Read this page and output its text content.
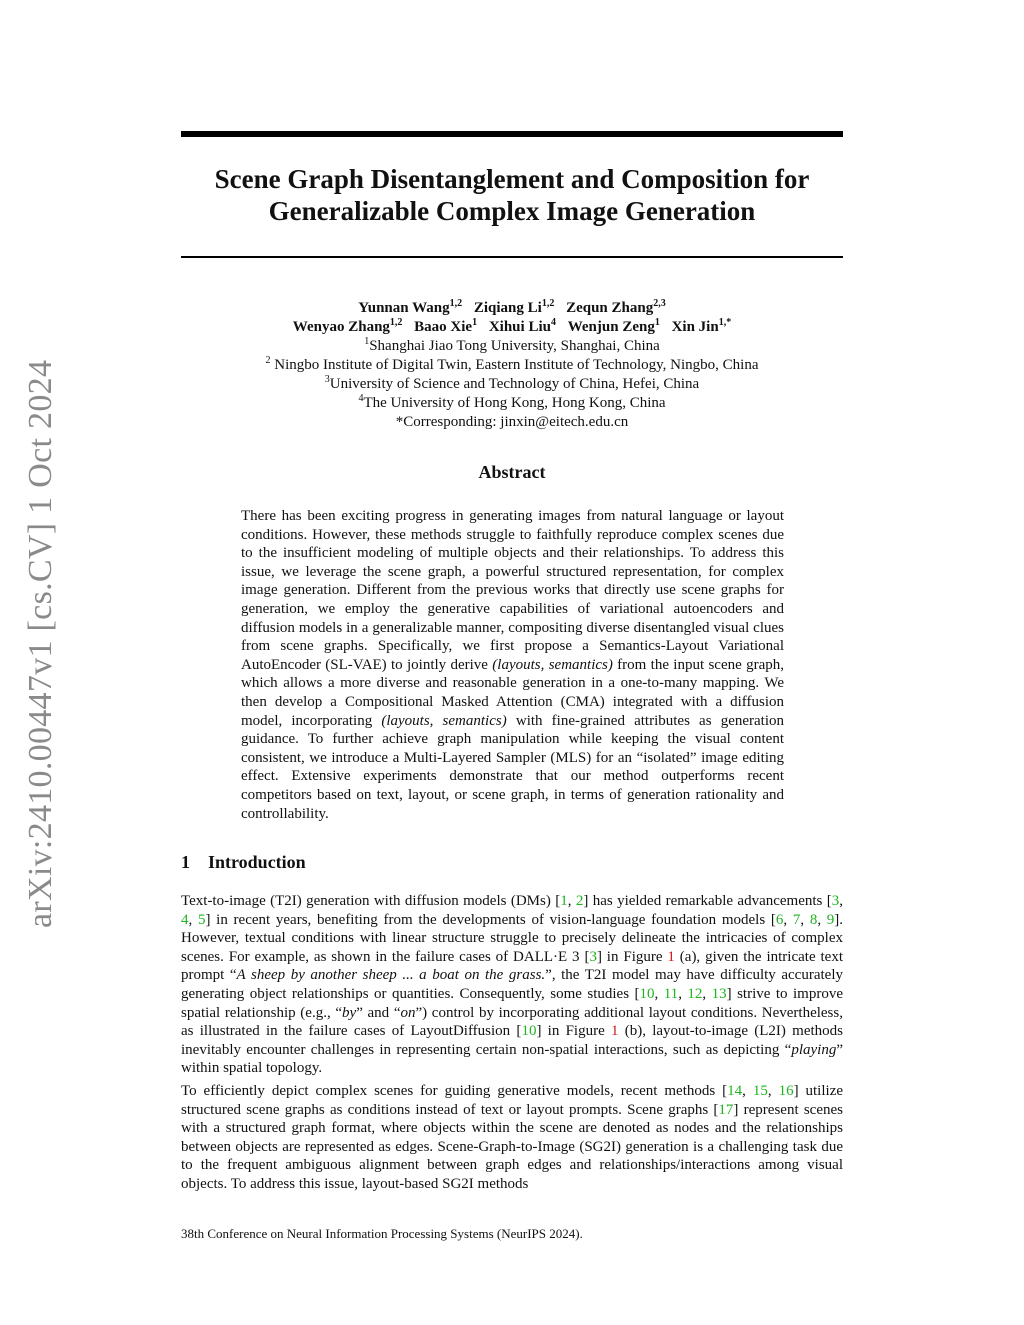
arXiv:2410.00447v1 [cs.CV] 1 Oct 2024
Scene Graph Disentanglement and Composition for
Generalizable Complex Image Generation
Yunnan Wang$^{1,2}$ Ziqiang Li$^{1,2}$ Zequn Zhang$^{2,3}$
Wenyao Zhang$^{1,2}$ Baao Xie$^1$ Xihui Liu$^4$ Wenjun Zeng$^1$ Xin Jin$^{1,*}$
$^1$Shanghai Jiao Tong University, Shanghai, China
$^2$ Ningbo Institute of Digital Twin, Eastern Institute of Technology, Ningbo, China
$^3$University of Science and Technology of China, Hefei, China
$^4$The University of Hong Kong, Hong Kong, China
*Corresponding: jinxin@eitech.edu.cn
Abstract

There has been exciting progress in generating images from natural language or layout conditions. However, these methods struggle to faithfully reproduce complex scenes due to the insufficient modeling of multiple objects and their relationships. To address this issue, we leverage the scene graph, a powerful structured representation, for complex image generation. Different from the previous works that directly use scene graphs for generation, we employ the generative capabilities of variational autoencoders and diffusion models in a generalizable manner, compositing diverse disentangled visual clues from scene graphs. Specifically, we first propose a Semantics-Layout Variational AutoEncoder (SL-VAE) to jointly derive (layouts, semantics) from the input scene graph, which allows a more diverse and reasonable generation in a one-to-many mapping. We then develop a Compositional Masked Attention (CMA) integrated with a diffusion model, incorporating (layouts, semantics) with fine-grained attributes as generation guidance. To further achieve graph manipulation while keeping the visual content consistent, we introduce a Multi-Layered Sampler (MLS) for an “isolated” image editing effect. Extensive experiments demonstrate that our method outperforms recent competitors based on text, layout, or scene graph, in terms of generation rationality and controllability.

1 Introduction

Text-to-image (T2I) generation with diffusion models (DMs) [1, 2] has yielded remarkable advancements [3, 4, 5] in recent years, benefiting from the developments of vision-language foundation models [6, 7, 8, 9]. However, textual conditions with linear structure struggle to precisely delineate the intricacies of complex scenes. For example, as shown in the failure cases of DALL·E 3 [3] in Figure 1 (a), given the intricate text prompt “A sheep by another sheep ... a boat on the grass.”, the T2I model may have difficulty accurately generating object relationships or quantities. Consequently, some studies [10, 11, 12, 13] strive to improve spatial relationship (e.g., “by” and “on”) control by incorporating additional layout conditions. Nevertheless, as illustrated in the failure cases of LayoutDiffusion [10] in Figure 1 (b), layout-to-image (L2I) methods inevitably encounter challenges in representing certain non-spatial interactions, such as depicting “playing” within spatial topology.

To efficiently depict complex scenes for guiding generative models, recent methods [14, 15, 16] utilize structured scene graphs as conditions instead of text or layout prompts. Scene graphs [17] represent scenes with a structured graph format, where objects within the scene are denoted as nodes and the relationships between objects are represented as edges. Scene-Graph-to-Image (SG2I) generation is a challenging task due to the frequent ambiguous alignment between graph edges and relationships/interactions among visual objects. To address this issue, layout-based SG2I methods

38th Conference on Neural Information Processing Systems (NeurIPS 2024).
